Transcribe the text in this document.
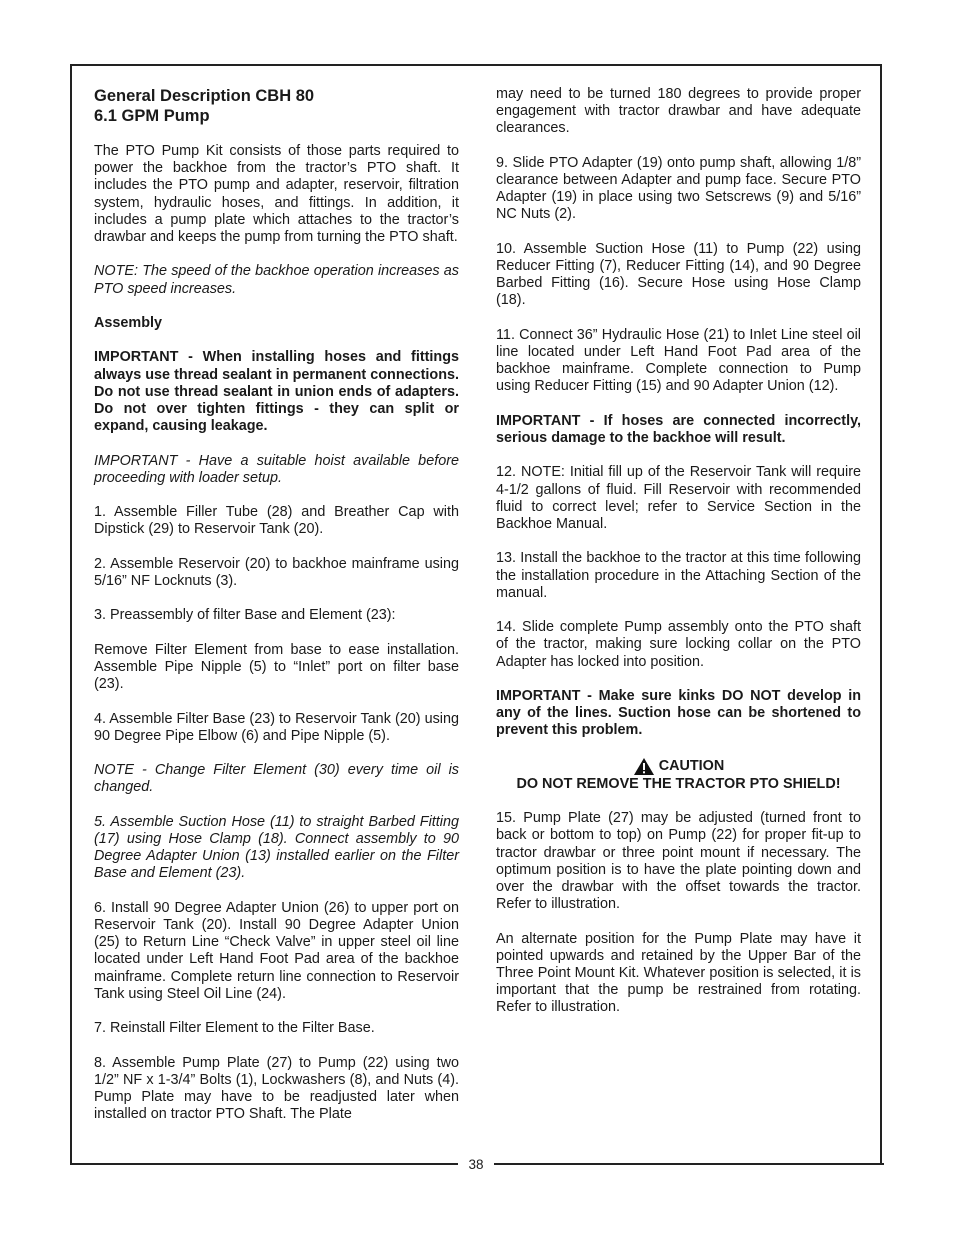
38
General Description CBH 80
6.1 GPM Pump

The PTO Pump Kit consists of those parts required to power the backhoe from the tractor’s PTO shaft. It includes the PTO pump and adapter, reservoir, filtration system, hydraulic hoses, and fittings. In addition, it includes a pump plate which attaches to the tractor’s drawbar and keeps the pump from turning the PTO shaft.

NOTE: The speed of the backhoe operation increases as PTO speed increases.

Assembly

IMPORTANT - When installing hoses and fittings always use thread sealant in permanent connections. Do not use thread sealant in union ends of adapters. Do not over tighten fittings - they can split or expand, causing leakage.

IMPORTANT - Have a suitable hoist available before proceeding with loader setup.

1. Assemble Filler Tube (28) and Breather Cap with Dipstick (29) to Reservoir Tank (20).

2. Assemble Reservoir (20) to backhoe mainframe using 5/16” NF Locknuts (3).

3. Preassembly of filter Base and Element (23):

Remove Filter Element from base to ease installation. Assemble Pipe Nipple (5) to “Inlet” port on filter base (23).

4. Assemble Filter Base (23) to Reservoir Tank (20) using 90 Degree Pipe Elbow (6) and Pipe Nipple (5).

NOTE - Change Filter Element (30) every time oil is changed.

5. Assemble Suction Hose (11) to straight Barbed Fitting (17) using Hose Clamp (18). Connect assembly to 90 Degree Adapter Union (13) installed earlier on the Filter Base and Element (23).

6. Install 90 Degree Adapter Union (26) to upper port on Reservoir Tank (20). Install 90 Degree Adapter Union (25) to Return Line “Check Valve” in upper steel oil line located under Left Hand Foot Pad area of the backhoe mainframe. Complete return line connection to Reservoir Tank using Steel Oil Line (24).

7. Reinstall Filter Element to the Filter Base.

8. Assemble Pump Plate (27) to Pump (22) using two 1/2” NF x 1-3/4” Bolts (1), Lockwashers (8), and Nuts (4). Pump Plate may have to be readjusted later when installed on tractor PTO Shaft. The Plate

may need to be turned 180 degrees to provide proper engagement with tractor drawbar and have adequate clearances.

9. Slide PTO Adapter (19) onto pump shaft, allowing 1/8” clearance between Adapter and pump face. Secure PTO Adapter (19) in place using two Setscrews (9) and 5/16” NC Nuts (2).

10. Assemble Suction Hose (11) to Pump (22) using Reducer Fitting (7), Reducer Fitting (14), and 90 Degree Barbed Fitting (16). Secure Hose using Hose Clamp (18).

11. Connect 36” Hydraulic Hose (21) to Inlet Line steel oil line located under Left Hand Foot Pad area of the backhoe mainframe. Complete connection to Pump using Reducer Fitting (15) and 90 Adapter Union (12).

IMPORTANT - If hoses are connected incorrectly, serious damage to the backhoe will result.

12. NOTE: Initial fill up of the Reservoir Tank will require 4-1/2 gallons of fluid. Fill Reservoir with recommended fluid to correct level; refer to Service Section in the Backhoe Manual.

13. Install the backhoe to the tractor at this time following the installation procedure in the Attaching Section of the manual.

14. Slide complete Pump assembly onto the PTO shaft of the tractor, making sure locking collar on the PTO Adapter has locked into position.

IMPORTANT - Make sure kinks DO NOT develop in any of the lines. Suction hose can be shortened to prevent this problem.

CAUTION
DO NOT REMOVE THE TRACTOR PTO SHIELD!

15. Pump Plate (27) may be adjusted (turned front to back or bottom to top) on Pump (22) for proper fit-up to tractor drawbar or three point mount if necessary. The optimum position is to have the plate pointing down and over the drawbar with the offset towards the tractor. Refer to illustration.

An alternate position for the Pump Plate may have it pointed upwards and retained by the Upper Bar of the Three Point Mount Kit. Whatever position is selected, it is important that the pump be restrained from rotating. Refer to illustration.
